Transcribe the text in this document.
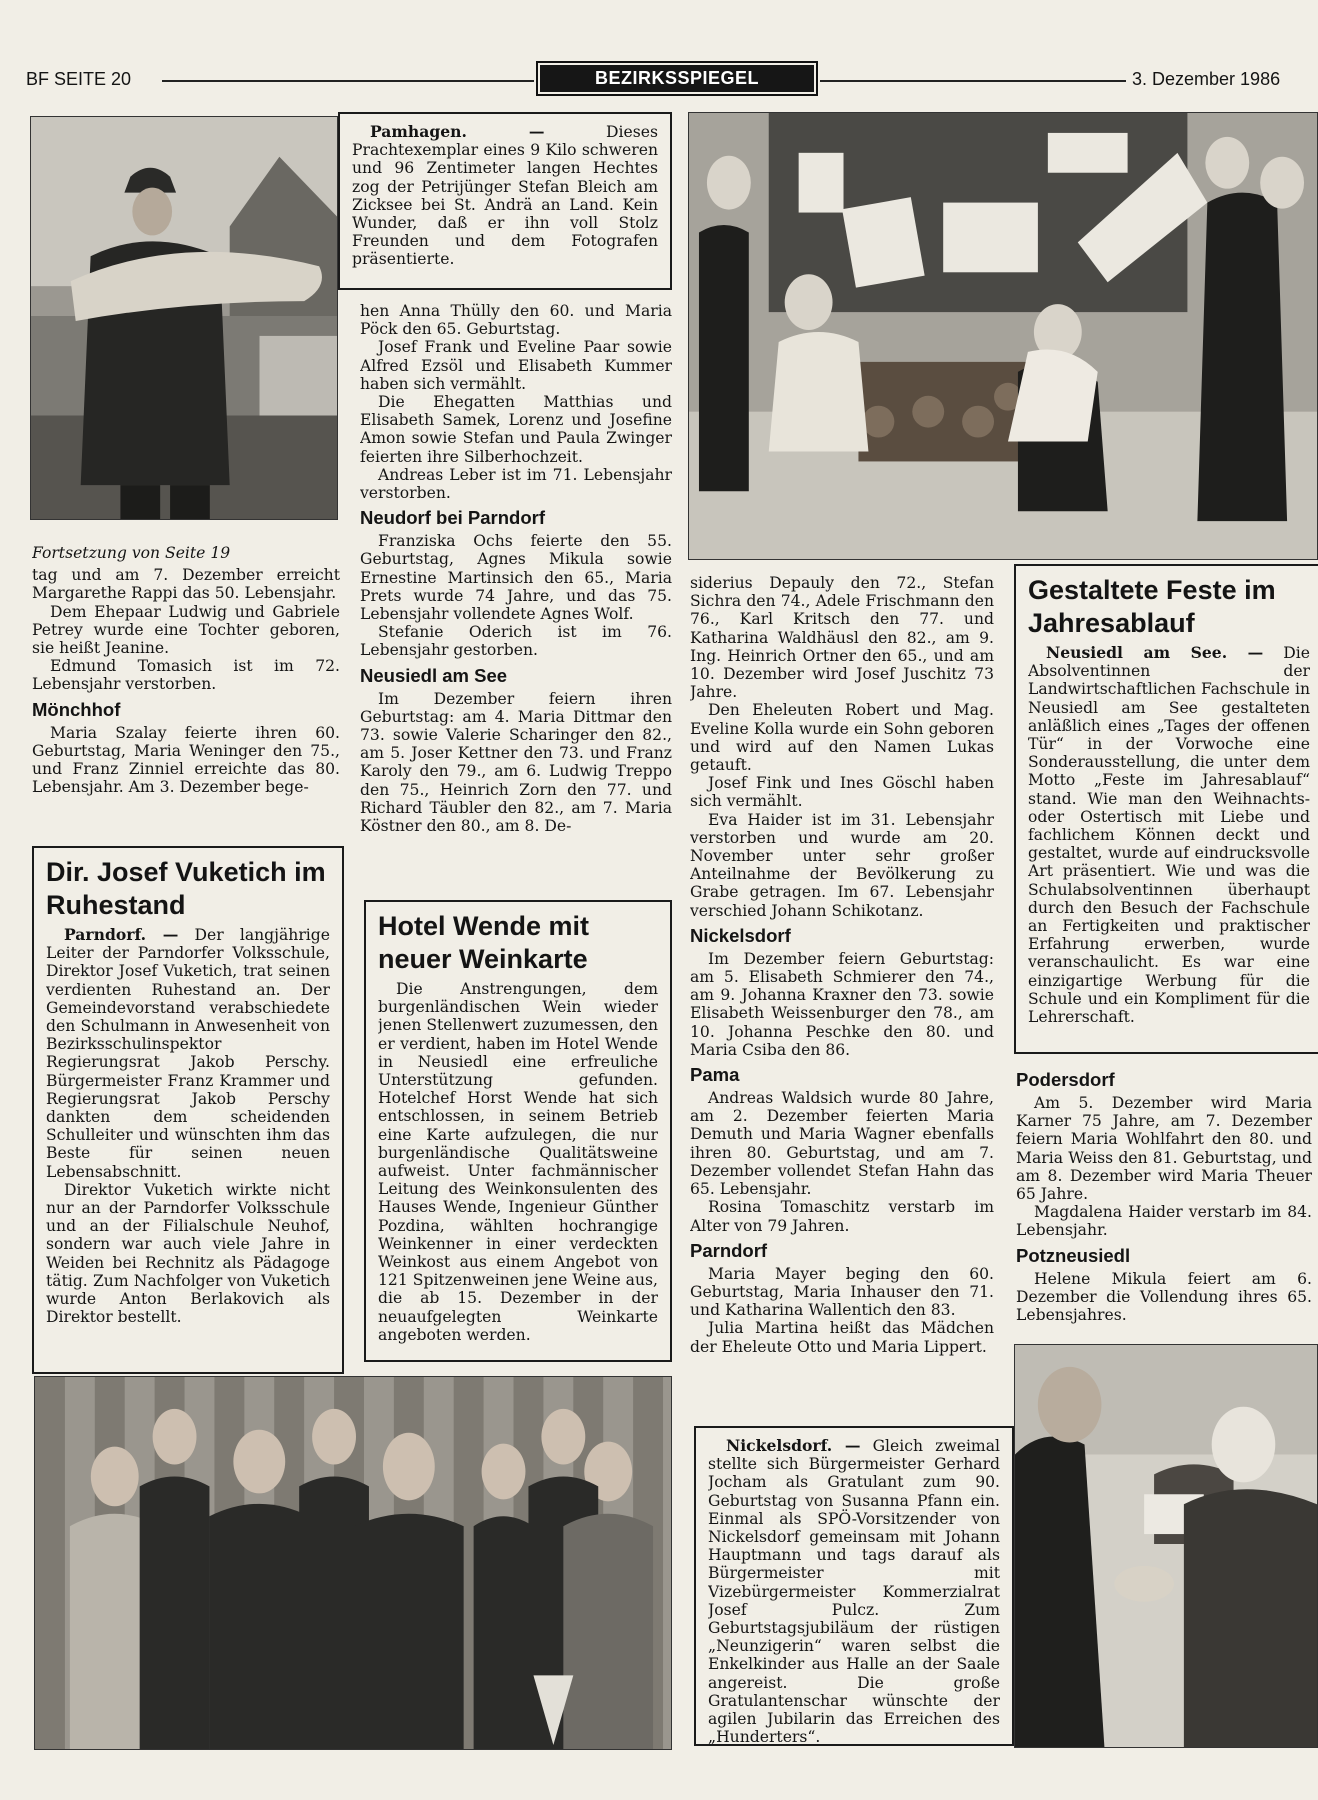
BF SEITE 20	BEZIRKSSPIEGEL	3. Dezember 1986
Pamhagen. — Dieses Prachtexemplar eines 9 Kilo schweren und 96 Zentimeter langen Hechtes zog der Petrijünger Stefan Bleich am Zicksee bei St. Andrä an Land. Kein Wunder, daß er ihn voll Stolz Freunden und dem Fotografen präsentierte.
Fortsetzung von Seite 19

tag und am 7. Dezember erreicht Margarethe Rappi das 50. Lebensjahr.

Dem Ehepaar Ludwig und Gabriele Petrey wurde eine Tochter geboren, sie heißt Jeanine.

Edmund Tomasich ist im 72. Lebensjahr verstorben.

Mönchhof

Maria Szalay feierte ihren 60. Geburtstag, Maria Weninger den 75., und Franz Zinniel erreichte das 80. Lebensjahr. Am 3. Dezember bege-

Dir. Josef Vuketich im Ruhestand

Parndorf. — Der langjährige Leiter der Parndorfer Volksschule, Direktor Josef Vuketich, trat seinen verdienten Ruhestand an. Der Gemeindevorstand verabschiedete den Schulmann in Anwesenheit von Bezirksschulinspektor Regierungsrat Jakob Perschy. Bürgermeister Franz Krammer und Regierungsrat Jakob Perschy dankten dem scheidenden Schulleiter und wünschten ihm das Beste für seinen neuen Lebensabschnitt.

Direktor Vuketich wirkte nicht nur an der Parndorfer Volksschule und an der Filialschule Neuhof, sondern war auch viele Jahre in Weiden bei Rechnitz als Pädagoge tätig. Zum Nachfolger von Vuketich wurde Anton Berlakovich als Direktor bestellt.

hen Anna Thülly den 60. und Maria Pöck den 65. Geburtstag.

Josef Frank und Eveline Paar sowie Alfred Ezsöl und Elisabeth Kummer haben sich vermählt.

Die Ehegatten Matthias und Elisabeth Samek, Lorenz und Josefine Amon sowie Stefan und Paula Zwinger feierten ihre Silberhochzeit.

Andreas Leber ist im 71. Lebensjahr verstorben.

Neudorf bei Parndorf

Franziska Ochs feierte den 55. Geburtstag, Agnes Mikula sowie Ernestine Martinsich den 65., Maria Prets wurde 74 Jahre, und das 75. Lebensjahr vollendete Agnes Wolf.

Stefanie Oderich ist im 76. Lebensjahr gestorben.

Neusiedl am See

Im Dezember feiern ihren Geburtstag: am 4. Maria Dittmar den 73. sowie Valerie Scharinger den 82., am 5. Joser Kettner den 73. und Franz Karoly den 79., am 6. Ludwig Treppo den 75., Heinrich Zorn den 77. und Richard Täubler den 82., am 7. Maria Köstner den 80., am 8. De-

Hotel Wende mit neuer Weinkarte

Die Anstrengungen, dem burgenländischen Wein wieder jenen Stellenwert zuzumessen, den er verdient, haben im Hotel Wende in Neusiedl eine erfreuliche Unterstützung gefunden. Hotelchef Horst Wende hat sich entschlossen, in seinem Betrieb eine Karte aufzulegen, die nur burgenländische Qualitätsweine aufweist. Unter fachmännischer Leitung des Weinkonsulenten des Hauses Wende, Ingenieur Günther Pozdina, wählten hochrangige Weinkenner in einer verdeckten Weinkost aus einem Angebot von 121 Spitzenweinen jene Weine aus, die ab 15. Dezember in der neuaufgelegten Weinkarte angeboten werden.

siderius Depauly den 72., Stefan Sichra den 74., Adele Frischmann den 76., Karl Kritsch den 77. und Katharina Waldhäusl den 82., am 9. Ing. Heinrich Ortner den 65., und am 10. Dezember wird Josef Juschitz 73 Jahre.

Den Eheleuten Robert und Mag. Eveline Kolla wurde ein Sohn geboren und wird auf den Namen Lukas getauft.

Josef Fink und Ines Göschl haben sich vermählt.

Eva Haider ist im 31. Lebensjahr verstorben und wurde am 20. November unter sehr großer Anteilnahme der Bevölkerung zu Grabe getragen. Im 67. Lebensjahr verschied Johann Schikotanz.

Nickelsdorf

Im Dezember feiern Geburtstag: am 5. Elisabeth Schmierer den 74., am 9. Johanna Kraxner den 73. sowie Elisabeth Weissenburger den 78., am 10. Johanna Peschke den 80. und Maria Csiba den 86.

Pama

Andreas Waldsich wurde 80 Jahre, am 2. Dezember feierten Maria Demuth und Maria Wagner ebenfalls ihren 80. Geburtstag, und am 7. Dezember vollendet Stefan Hahn das 65. Lebensjahr.

Rosina Tomaschitz verstarb im Alter von 79 Jahren.

Parndorf

Maria Mayer beging den 60. Geburtstag, Maria Inhauser den 71. und Katharina Wallentich den 83.

Julia Martina heißt das Mädchen der Eheleute Otto und Maria Lippert.

Nickelsdorf. — Gleich zweimal stellte sich Bürgermeister Gerhard Jocham als Gratulant zum 90. Geburtstag von Susanna Pfann ein. Einmal als SPÖ-Vorsitzender von Nickelsdorf gemeinsam mit Johann Hauptmann und tags darauf als Bürgermeister mit Vizebürgermeister Kommerzialrat Josef Pulcz. Zum Geburtstagsjubiläum der rüstigen „Neunzigerin“ waren selbst die Enkelkinder aus Halle an der Saale angereist. Die große Gratulantenschar wünschte der agilen Jubilarin das Erreichen des „Hunderters“.
Gestaltete Feste im Jahresablauf
Neusiedl am See. — Die Absolventinnen der Landwirtschaftlichen Fachschule in Neusiedl am See gestalteten anläßlich eines „Tages der offenen Tür“ in der Vorwoche eine Sonderausstellung, die unter dem Motto „Feste im Jahresablauf“ stand. Wie man den Weihnachts- oder Ostertisch mit Liebe und fachlichem Können deckt und gestaltet, wurde auf eindrucksvolle Art präsentiert. Wie und was die Schulabsolventinnen überhaupt durch den Besuch der Fachschule an Fertigkeiten und praktischer Erfahrung erwerben, wurde veranschaulicht. Es war eine einzigartige Werbung für die Schule und ein Kompliment für die Lehrerschaft.
Podersdorf

Am 5. Dezember wird Maria Karner 75 Jahre, am 7. Dezember feiern Maria Wohlfahrt den 80. und Maria Weiss den 81. Geburtstag, und am 8. Dezember wird Maria Theuer 65 Jahre.

Magdalena Haider verstarb im 84. Lebensjahr.

Potzneusiedl

Helene Mikula feiert am 6. Dezember die Vollendung ihres 65. Lebensjahres.
